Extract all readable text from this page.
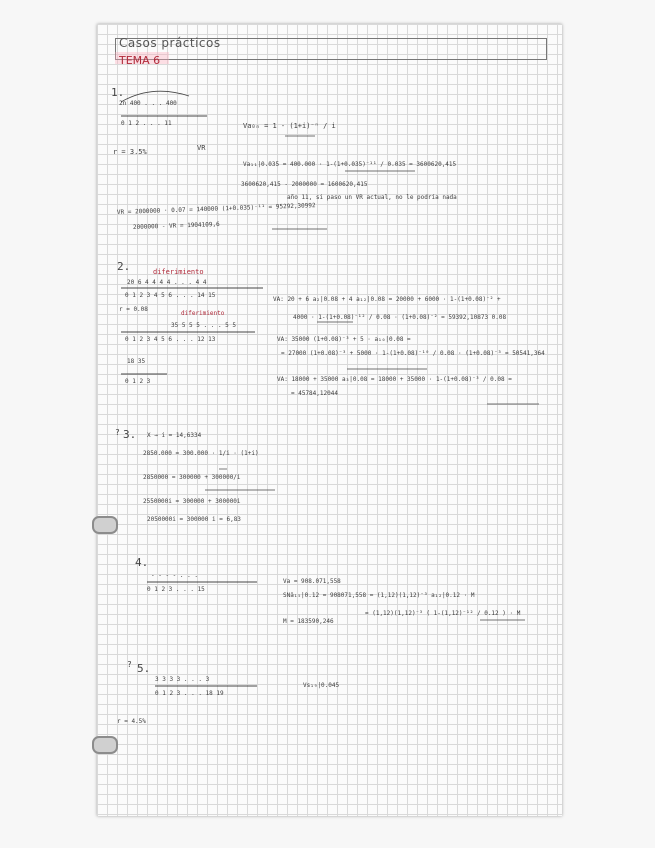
Casos prácticos
TEMA 6
1.
2n 400 . . . 400
0 1 2 . . . 11
VR
r = 3.5%
Va₀ₙ = 1 - (1+i)⁻ⁿ / i
Va₁₁|0.035 = 400.000 · 1-(1+0.035)⁻¹¹ / 0.035 = 3600620,415
3600620,415 - 2000000 = 1600620,415
año 11, si paso un VR actual, no le podría nada
VR = 2000000 · 0.07 = 140000 (1+0.035)⁻¹¹ = 95292,30992
2000000 - VR = 1904109,6
2.	diferimiento
20 6 4 4 4 4 . . . 4 4
0 1 2 3 4 5 6 . . . 14 15
r = 0.08
diferimiento
35 5 5 5 . . . 5 5
0 1 2 3 4 5 6 . . . 12 13
18 35
0 1 2 3
VA: 20 + 6 a₂|0.08 + 4 a₁₂|0.08 = 20000 + 6000 · 1-(1+0.08)⁻² +
4000 · 1-(1+0.08)⁻¹² / 0.08 · (1+0.08)⁻² = 59392,10873 0.08
VA: 35000 (1+0.08)⁻³ + 5 · a₁₀|0.08 =
= 27000 (1+0.08)⁻³ + 5000 · 1-(1+0.08)⁻¹⁰ / 0.08 · (1+0.08)⁻³ = 50541,364
VA: 18000 + 35000 a₃|0.08 = 18000 + 35000 · 1-(1+0.08)⁻³ / 0.08 =
= 45784,12044
? 3. X → i = 14,6334
2850.000 = 300.000 · 1/i · (1+i)
2850000 = 300000 + 300000/i
2550000i = 300000 + 300000i
2050000i = 300000 i = 6,83
4.
- - - - . . .
0 1 2 3 . . . 15
Va = 908.071,558
SNä₁₅|0.12 = 908071,558 = (1,12)(1,12)⁻³ a₁₂|0.12 · M
= (1,12)(1,12)⁻³ ( 1-(1,12)⁻¹² / 0.12 ) · M
M = 183590,246
? 5.
3 3 3 3 . . . 3
0 1 2 3 . . . 18 19
Vs₁₉|0.045
r = 4.5%
